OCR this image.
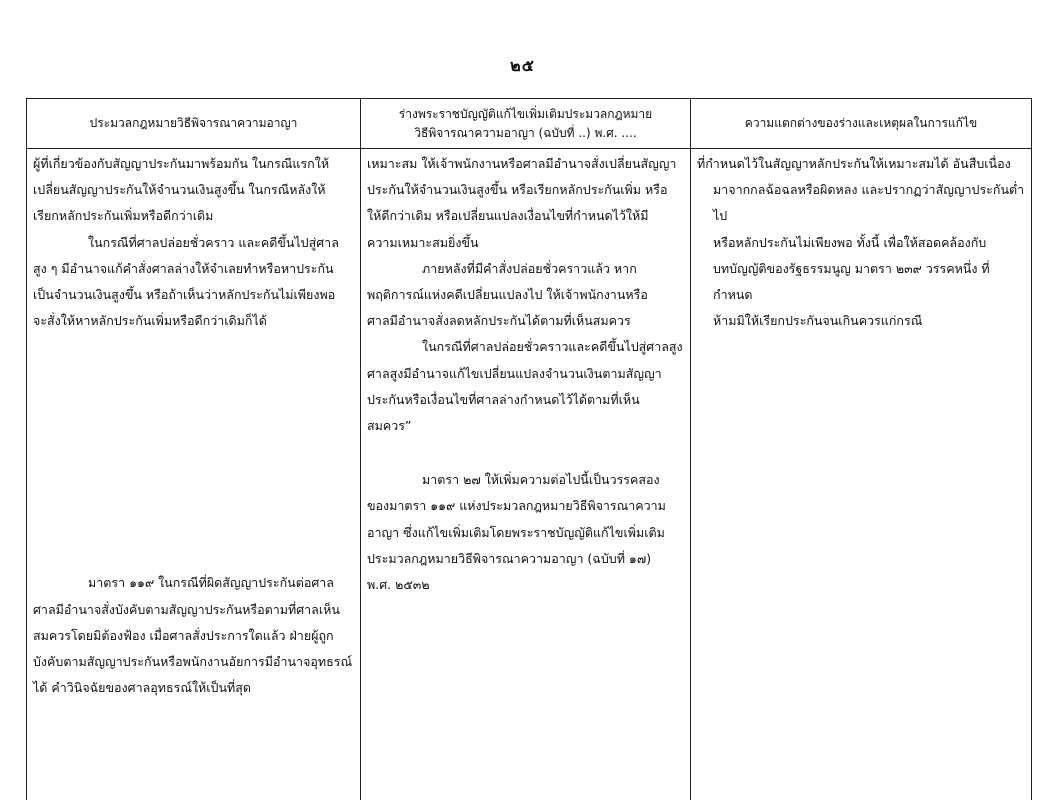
๒๕
ประมวลกฎหมายวิธีพิจารณาความอาญา
ร่างพระราชบัญญัติแก้ไขเพิ่มเติมประมวลกฎหมาย
วิธีพิจารณาความอาญา (ฉบับที่ ..) พ.ศ. ....
ความแตกต่างของร่างและเหตุผลในการแก้ไข

ผู้ที่เกี่ยวข้องกับสัญญาประกันมาพร้อมกัน ในกรณีแรกให้

เปลี่ยนสัญญาประกันให้จำนวนเงินสูงขึ้น ในกรณีหลังให้

เรียกหลักประกันเพิ่มหรือดีกว่าเดิม

ในกรณีที่ศาลปล่อยชั่วคราว และคดีขึ้นไปสู่ศาล

สูง ๆ มีอำนาจแก้คำสั่งศาลล่างให้จำเลยทำหรือหาประกัน

เป็นจำนวนเงินสูงขึ้น หรือถ้าเห็นว่าหลักประกันไม่เพียงพอ

จะสั่งให้หาหลักประกันเพิ่มหรือดีกว่าเดิมก็ได้

มาตรา ๑๑๙ ในกรณีที่ผิดสัญญาประกันต่อศาล

ศาลมีอำนาจสั่งบังคับตามสัญญาประกันหรือตามที่ศาลเห็น

สมควรโดยมิต้องฟ้อง เมื่อศาลสั่งประการใดแล้ว ฝ่ายผู้ถูก

บังคับตามสัญญาประกันหรือพนักงานอัยการมีอำนาจอุทธรณ์

ได้ คำวินิจฉัยของศาลอุทธรณ์ให้เป็นที่สุด

เหมาะสม ให้เจ้าพนักงานหรือศาลมีอำนาจสั่งเปลี่ยนสัญญา

ประกันให้จำนวนเงินสูงขึ้น หรือเรียกหลักประกันเพิ่ม หรือ

ให้ดีกว่าเดิม หรือเปลี่ยนแปลงเงื่อนไขที่กำหนดไว้ให้มี

ความเหมาะสมยิ่งขึ้น

ภายหลังที่มีคำสั่งปล่อยชั่วคราวแล้ว หาก

พฤติการณ์แห่งคดีเปลี่ยนแปลงไป ให้เจ้าพนักงานหรือ

ศาลมีอำนาจสั่งลดหลักประกันได้ตามที่เห็นสมควร

ในกรณีที่ศาลปล่อยชั่วคราวและคดีขึ้นไปสู่ศาลสูง

ศาลสูงมีอำนาจแก้ไขเปลี่ยนแปลงจำนวนเงินตามสัญญา

ประกันหรือเงื่อนไขที่ศาลล่างกำหนดไว้ได้ตามที่เห็น

สมควร”

มาตรา ๒๗ ให้เพิ่มความต่อไปนี้เป็นวรรคสอง

ของมาตรา ๑๑๙ แห่งประมวลกฎหมายวิธีพิจารณาความ

อาญา ซึ่งแก้ไขเพิ่มเติมโดยพระราชบัญญัติแก้ไขเพิ่มเติม

ประมวลกฎหมายวิธีพิจารณาความอาญา (ฉบับที่ ๑๗)

พ.ศ. ๒๕๓๒

ที่กำหนดไว้ในสัญญาหลักประกันให้เหมาะสมได้ อันสืบเนื่อง

มาจากกลฉ้อฉลหรือผิดหลง และปรากฏว่าสัญญาประกันต่ำไป

หรือหลักประกันไม่เพียงพอ ทั้งนี้ เพื่อให้สอดคล้องกับ

บทบัญญัติของรัฐธรรมนูญ มาตรา ๒๓๙ วรรคหนึ่ง ที่กำหนด

ห้ามมิให้เรียกประกันจนเกินควรแก่กรณี
